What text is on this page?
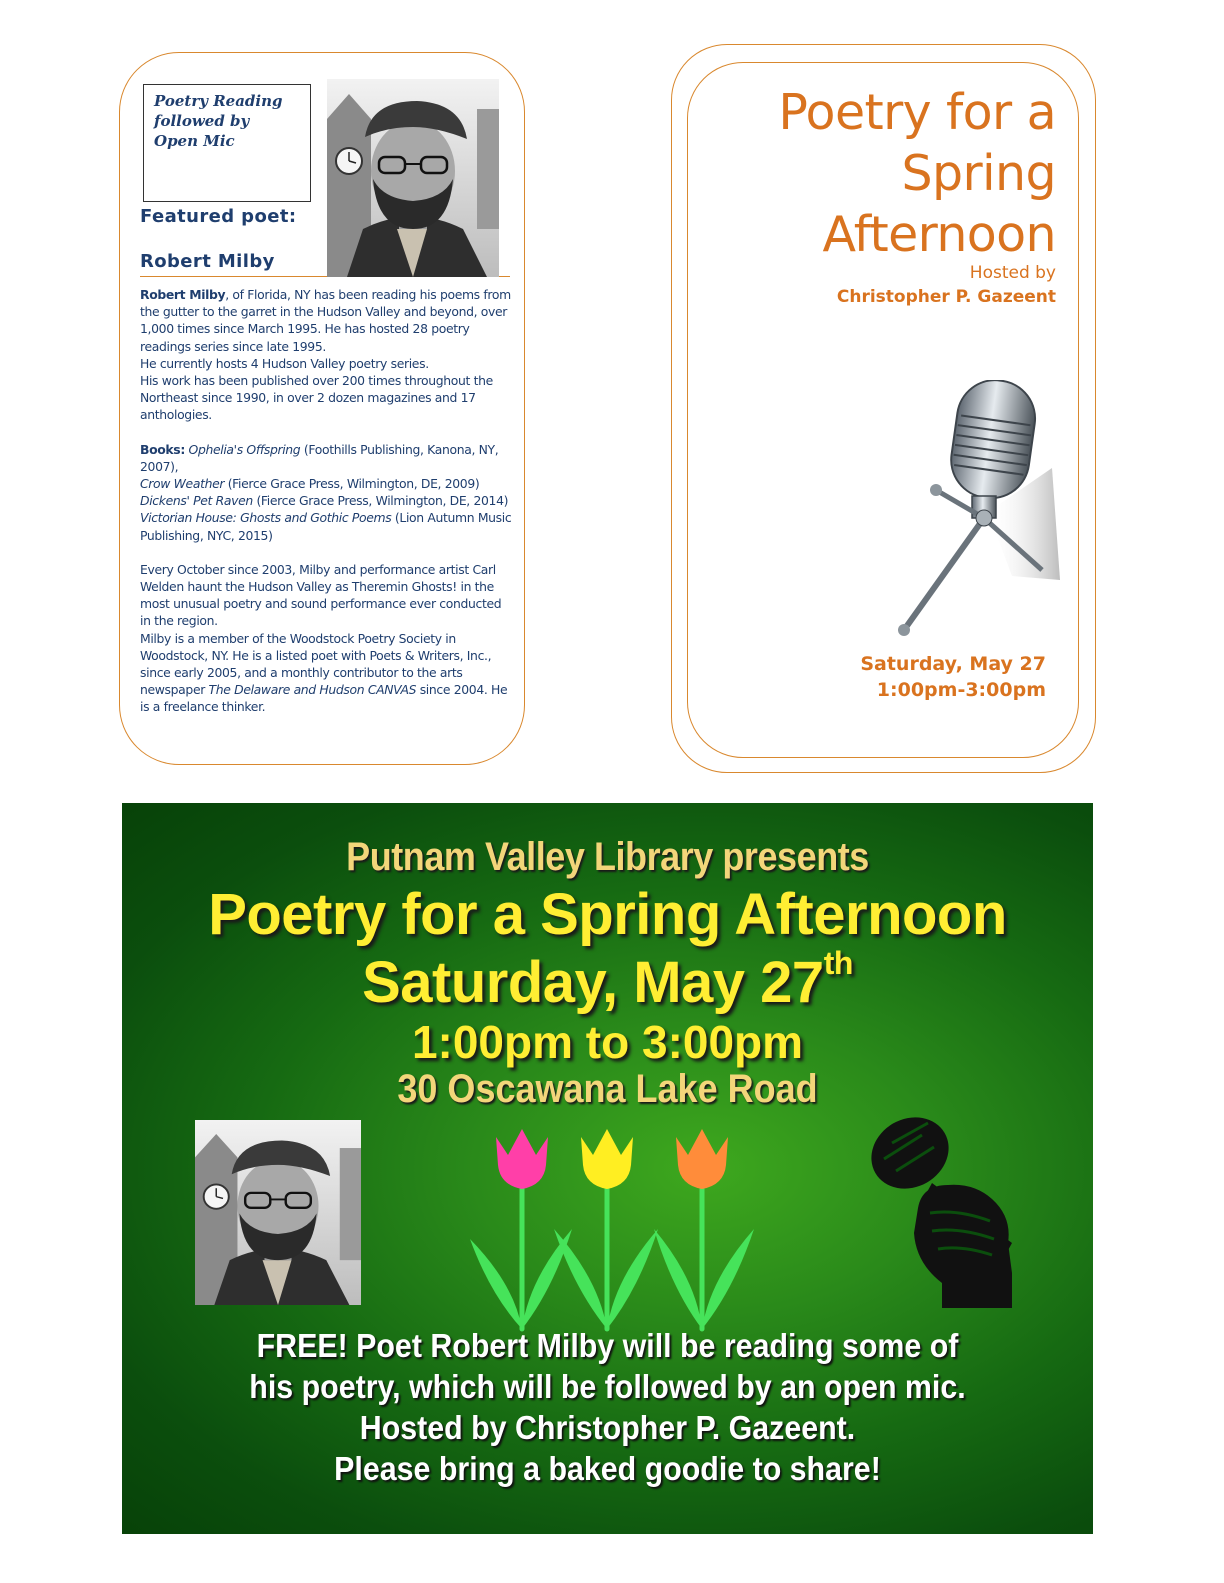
Poetry Reading
followed by
Open Mic
Featured poet:
Robert Milby

Robert Milby, of Florida, NY has been reading his poems from the gutter to the garret in the Hudson Valley and beyond, over 1,000 times since March 1995. He has hosted 28 poetry readings series since late 1995.
He currently hosts 4 Hudson Valley poetry series.
His work has been published over 200 times throughout the Northeast since 1990, in over 2 dozen magazines and 17 anthologies.

Books: Ophelia's Offspring (Foothills Publishing, Kanona, NY, 2007),
Crow Weather (Fierce Grace Press, Wilmington, DE, 2009)
Dickens' Pet Raven (Fierce Grace Press, Wilmington, DE, 2014)
Victorian House: Ghosts and Gothic Poems (Lion Autumn Music Publishing, NYC, 2015)

Every October since 2003, Milby and performance artist Carl Welden haunt the Hudson Valley as Theremin Ghosts! in the most unusual poetry and sound performance ever conducted in the region.
Milby is a member of the Woodstock Poetry Society in Woodstock, NY. He is a listed poet with Poets & Writers, Inc., since early 2005, and a monthly contributor to the arts newspaper The Delaware and Hudson CANVAS since 2004. He is a freelance thinker.

Poetry for a
Spring
Afternoon
Hosted by
Christopher P. Gazeent
Saturday, May 27
1:00pm-3:00pm
Putnam Valley Library presents
Poetry for a Spring Afternoon
Saturday, May 27th
1:00pm to 3:00pm
30 Oscawana Lake Road
FREE! Poet Robert Milby will be reading some of
his poetry, which will be followed by an open mic.
Hosted by Christopher P. Gazeent.
Please bring a baked goodie to share!
